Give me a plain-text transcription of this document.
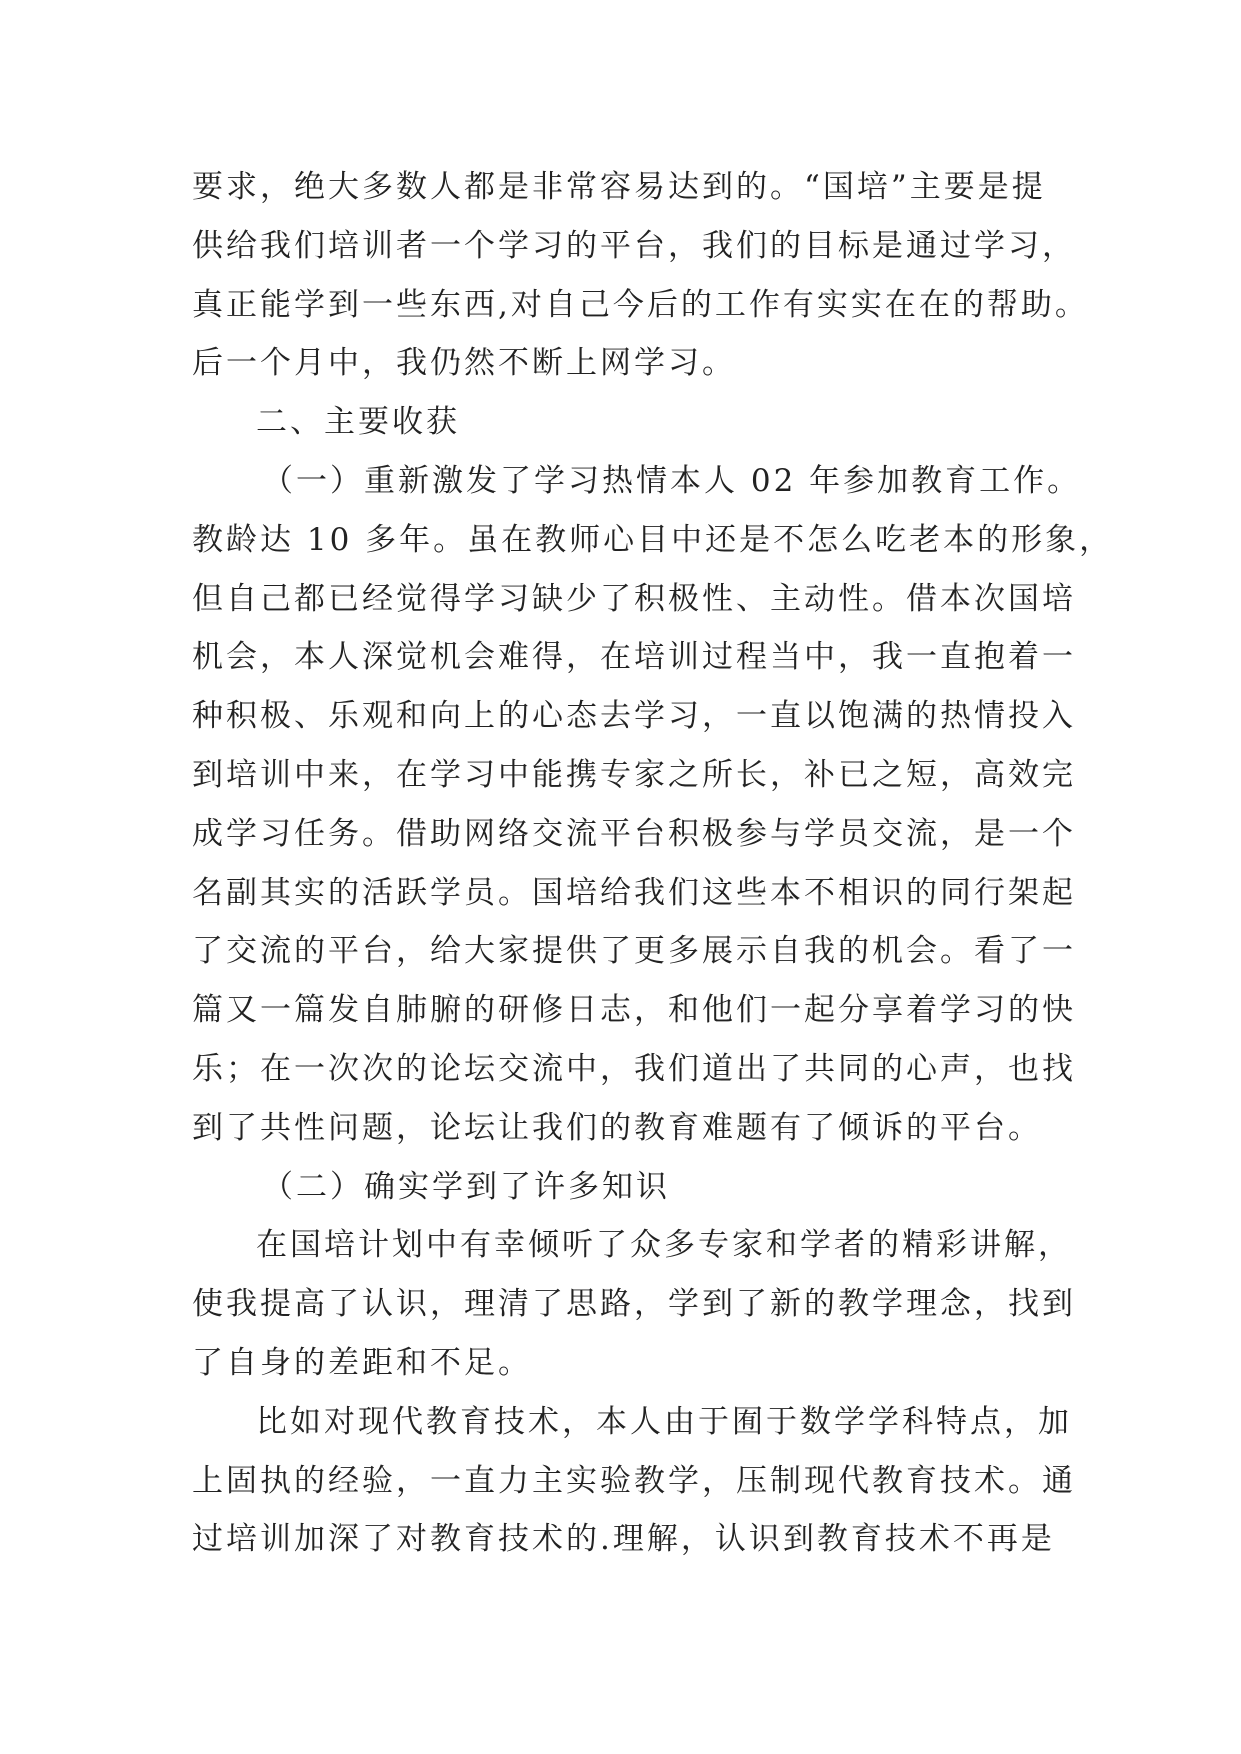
要求，绝大多数人都是非常容易达到的。“国培”主要是提
供给我们培训者一个学习的平台，我们的目标是通过学习，
真正能学到一些东西,对自己今后的工作有实实在在的帮助。
后一个月中，我仍然不断上网学习。
二、主要收获
（一）重新激发了学习热情本人 02 年参加教育工作。
教龄达 10 多年。虽在教师心目中还是不怎么吃老本的形象，
但自己都已经觉得学习缺少了积极性、主动性。借本次国培
机会，本人深觉机会难得，在培训过程当中，我一直抱着一
种积极、乐观和向上的心态去学习，一直以饱满的热情投入
到培训中来，在学习中能携专家之所长，补已之短，高效完
成学习任务。借助网络交流平台积极参与学员交流，是一个
名副其实的活跃学员。国培给我们这些本不相识的同行架起
了交流的平台，给大家提供了更多展示自我的机会。看了一
篇又一篇发自肺腑的研修日志，和他们一起分享着学习的快
乐；在一次次的论坛交流中，我们道出了共同的心声，也找
到了共性问题，论坛让我们的教育难题有了倾诉的平台。
（二）确实学到了许多知识
在国培计划中有幸倾听了众多专家和学者的精彩讲解，
使我提高了认识，理清了思路，学到了新的教学理念，找到
了自身的差距和不足。
比如对现代教育技术，本人由于囿于数学学科特点，加
上固执的经验，一直力主实验教学，压制现代教育技术。通
过培训加深了对教育技术的.理解，认识到教育技术不再是
